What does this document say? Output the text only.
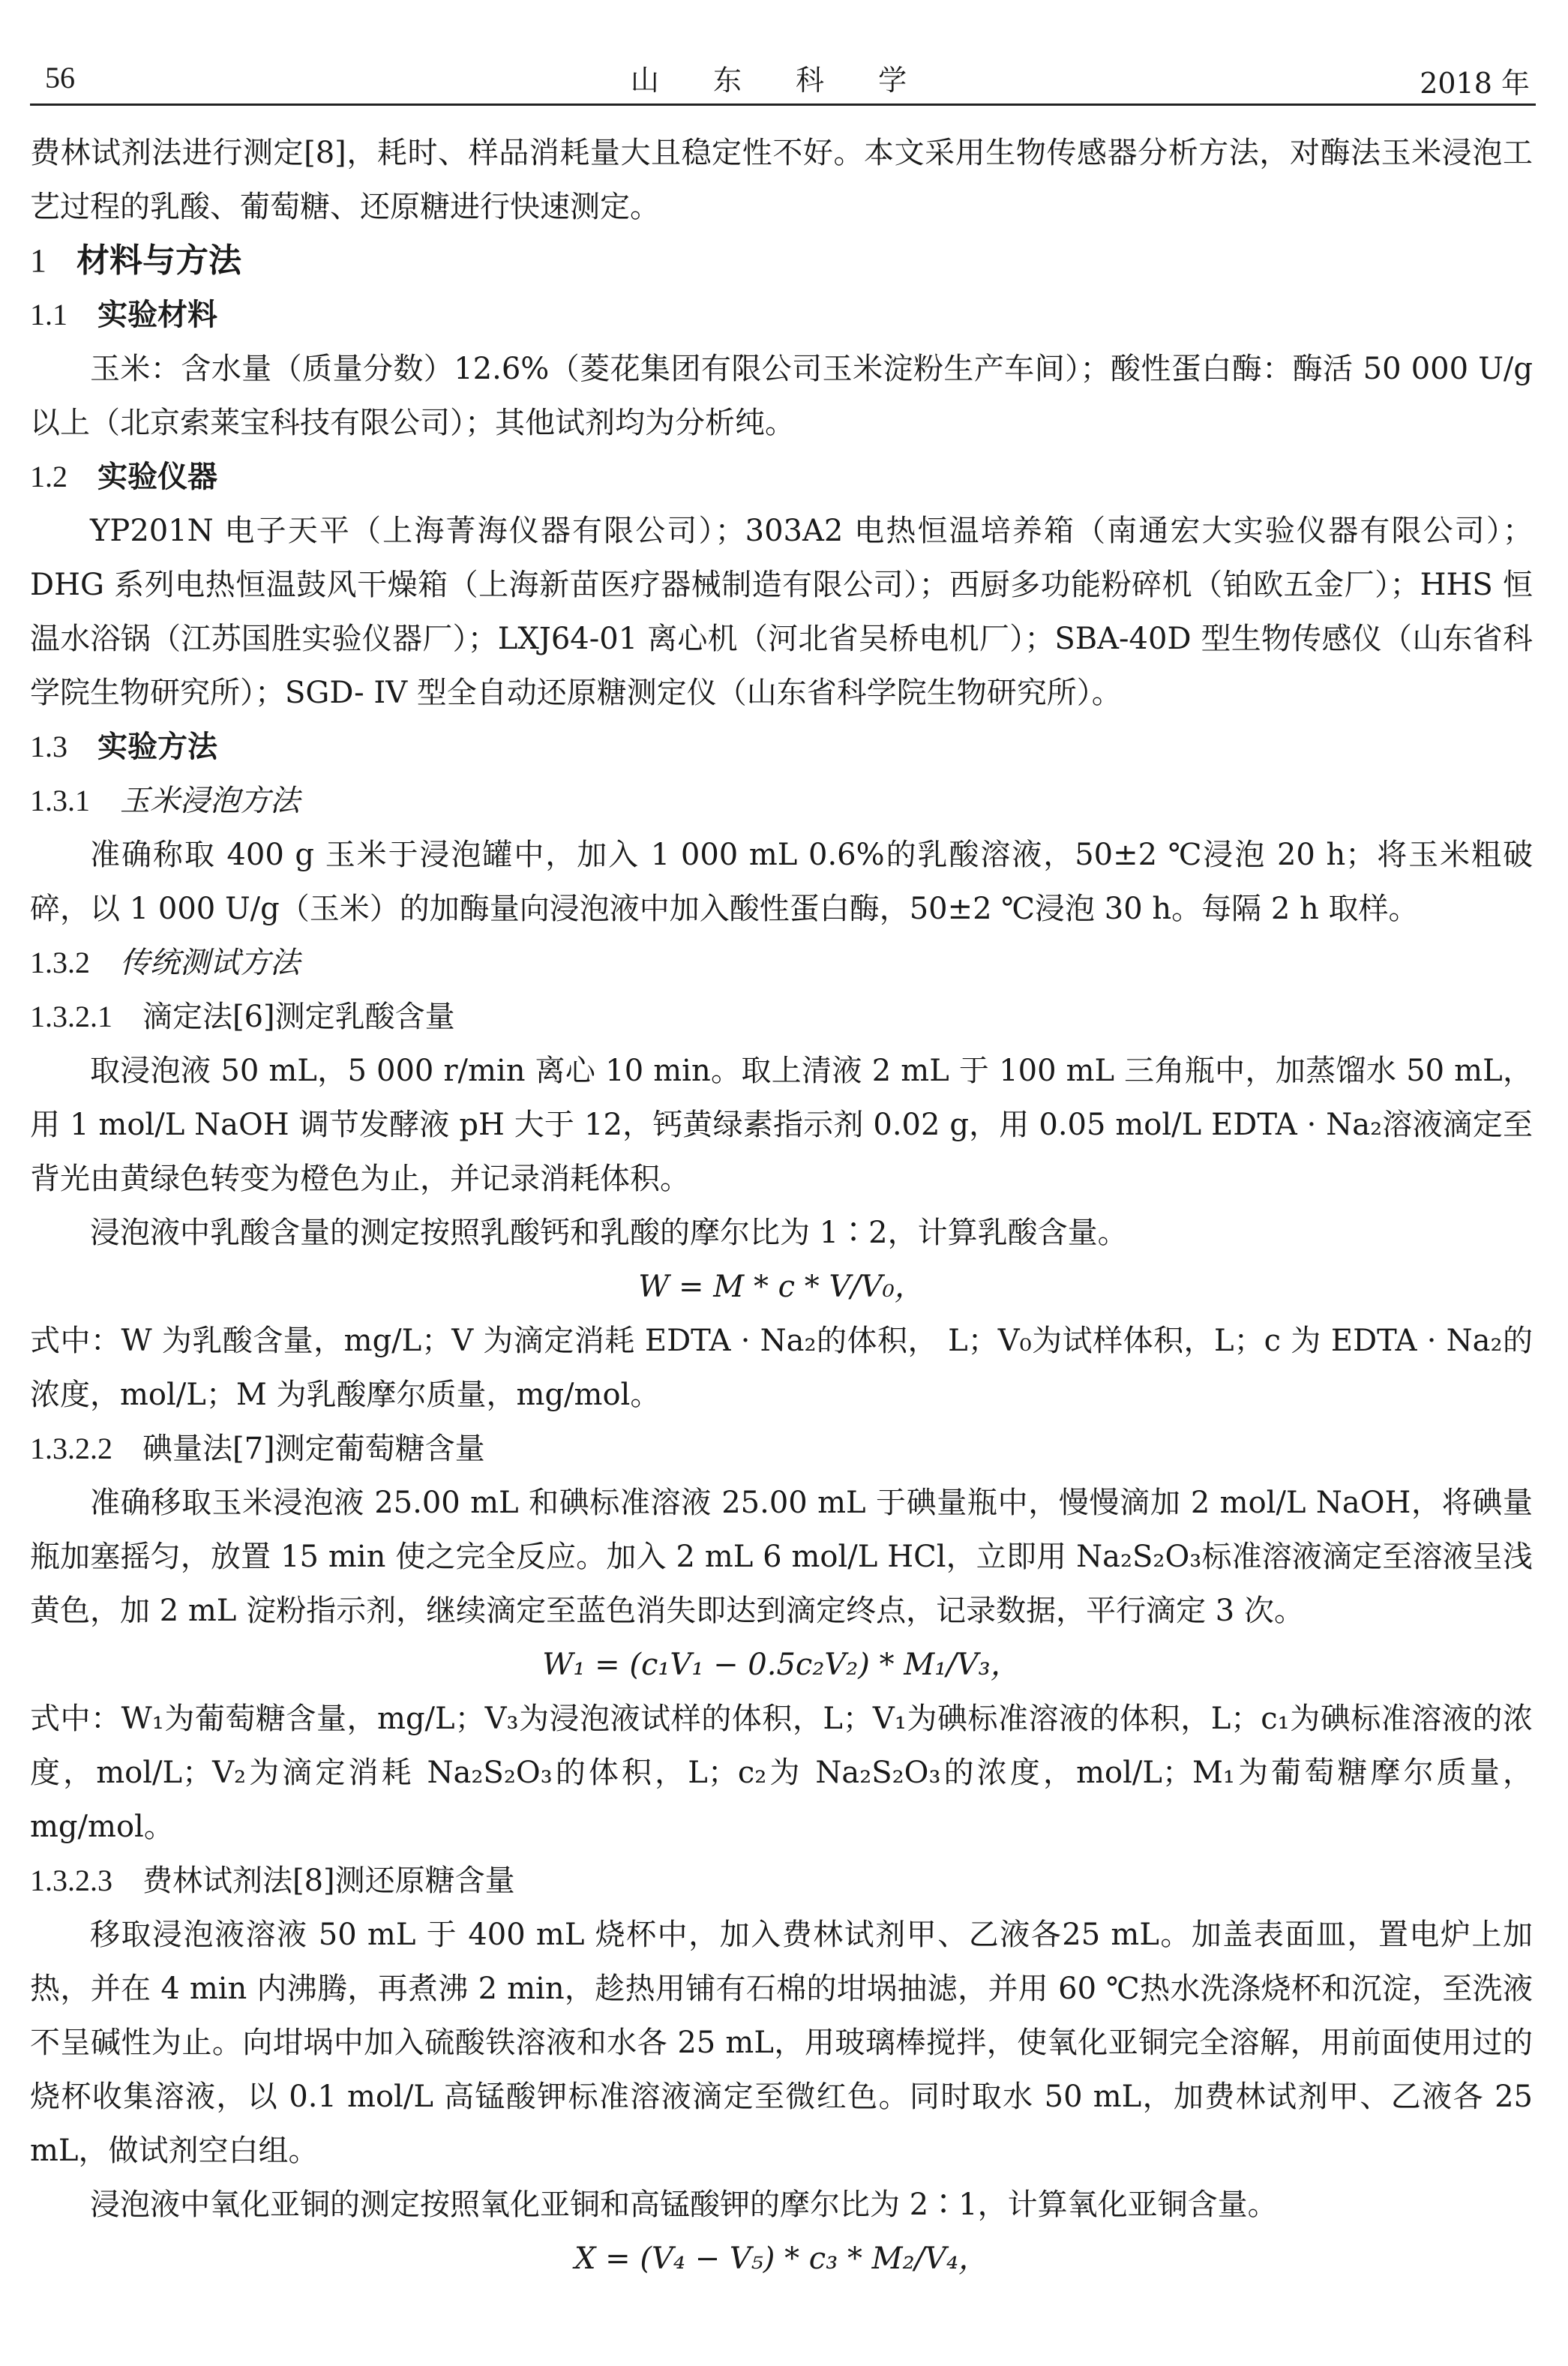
56	山 东 科 学	2018 年

费林试剂法进行测定[8]，耗时、样品消耗量大且稳定性不好。本文采用生物传感器分析方法，对酶法玉米浸泡工艺过程的乳酸、葡萄糖、还原糖进行快速测定。

1 材料与方法

1.1 实验材料

玉米：含水量（质量分数）12.6%（菱花集团有限公司玉米淀粉生产车间）；酸性蛋白酶：酶活 50 000 U/g 以上（北京索莱宝科技有限公司）；其他试剂均为分析纯。

1.2 实验仪器

YP201N 电子天平（上海菁海仪器有限公司）；303A2 电热恒温培养箱（南通宏大实验仪器有限公司）；DHG 系列电热恒温鼓风干燥箱（上海新苗医疗器械制造有限公司）；西厨多功能粉碎机（铂欧五金厂）；HHS 恒温水浴锅（江苏国胜实验仪器厂）；LXJ64-01 离心机（河北省吴桥电机厂）；SBA-40D 型生物传感仪（山东省科学院生物研究所）；SGD- IV 型全自动还原糖测定仪（山东省科学院生物研究所）。

1.3 实验方法

1.3.1 玉米浸泡方法

准确称取 400 g 玉米于浸泡罐中，加入 1 000 mL 0.6%的乳酸溶液，50±2 ℃浸泡 20 h；将玉米粗破碎，以 1 000 U/g（玉米）的加酶量向浸泡液中加入酸性蛋白酶，50±2 ℃浸泡 30 h。每隔 2 h 取样。

1.3.2 传统测试方法

1.3.2.1 滴定法[6]测定乳酸含量

取浸泡液 50 mL，5 000 r/min 离心 10 min。取上清液 2 mL 于 100 mL 三角瓶中，加蒸馏水 50 mL，用 1 mol/L NaOH 调节发酵液 pH 大于 12，钙黄绿素指示剂 0.02 g，用 0.05 mol/L EDTA · Na₂溶液滴定至背光由黄绿色转变为橙色为止，并记录消耗体积。

浸泡液中乳酸含量的测定按照乳酸钙和乳酸的摩尔比为 1∶2，计算乳酸含量。

W = M * c * V/V₀，

式中：W 为乳酸含量，mg/L；V 为滴定消耗 EDTA · Na₂的体积， L；V₀为试样体积，L；c 为 EDTA · Na₂的浓度，mol/L；M 为乳酸摩尔质量，mg/mol。

1.3.2.2 碘量法[7]测定葡萄糖含量

准确移取玉米浸泡液 25.00 mL 和碘标准溶液 25.00 mL 于碘量瓶中，慢慢滴加 2 mol/L NaOH，将碘量瓶加塞摇匀，放置 15 min 使之完全反应。加入 2 mL 6 mol/L HCl，立即用 Na₂S₂O₃标准溶液滴定至溶液呈浅黄色，加 2 mL 淀粉指示剂，继续滴定至蓝色消失即达到滴定终点，记录数据，平行滴定 3 次。

W₁ = (c₁V₁ − 0.5c₂V₂) * M₁/V₃，

式中：W₁为葡萄糖含量，mg/L；V₃为浸泡液试样的体积，L；V₁为碘标准溶液的体积，L；c₁为碘标准溶液的浓度，mol/L；V₂为滴定消耗 Na₂S₂O₃的体积，L；c₂为 Na₂S₂O₃的浓度，mol/L；M₁为葡萄糖摩尔质量，mg/mol。

1.3.2.3 费林试剂法[8]测还原糖含量

移取浸泡液溶液 50 mL 于 400 mL 烧杯中，加入费林试剂甲、乙液各25 mL。加盖表面皿，置电炉上加热，并在 4 min 内沸腾，再煮沸 2 min，趁热用铺有石棉的坩埚抽滤，并用 60 ℃热水洗涤烧杯和沉淀，至洗液不呈碱性为止。向坩埚中加入硫酸铁溶液和水各 25 mL，用玻璃棒搅拌，使氧化亚铜完全溶解，用前面使用过的烧杯收集溶液，以 0.1 mol/L 高锰酸钾标准溶液滴定至微红色。同时取水 50 mL，加费林试剂甲、乙液各 25 mL，做试剂空白组。

浸泡液中氧化亚铜的测定按照氧化亚铜和高锰酸钾的摩尔比为 2∶1，计算氧化亚铜含量。

X = (V₄ − V₅) * c₃ * M₂/V₄，
